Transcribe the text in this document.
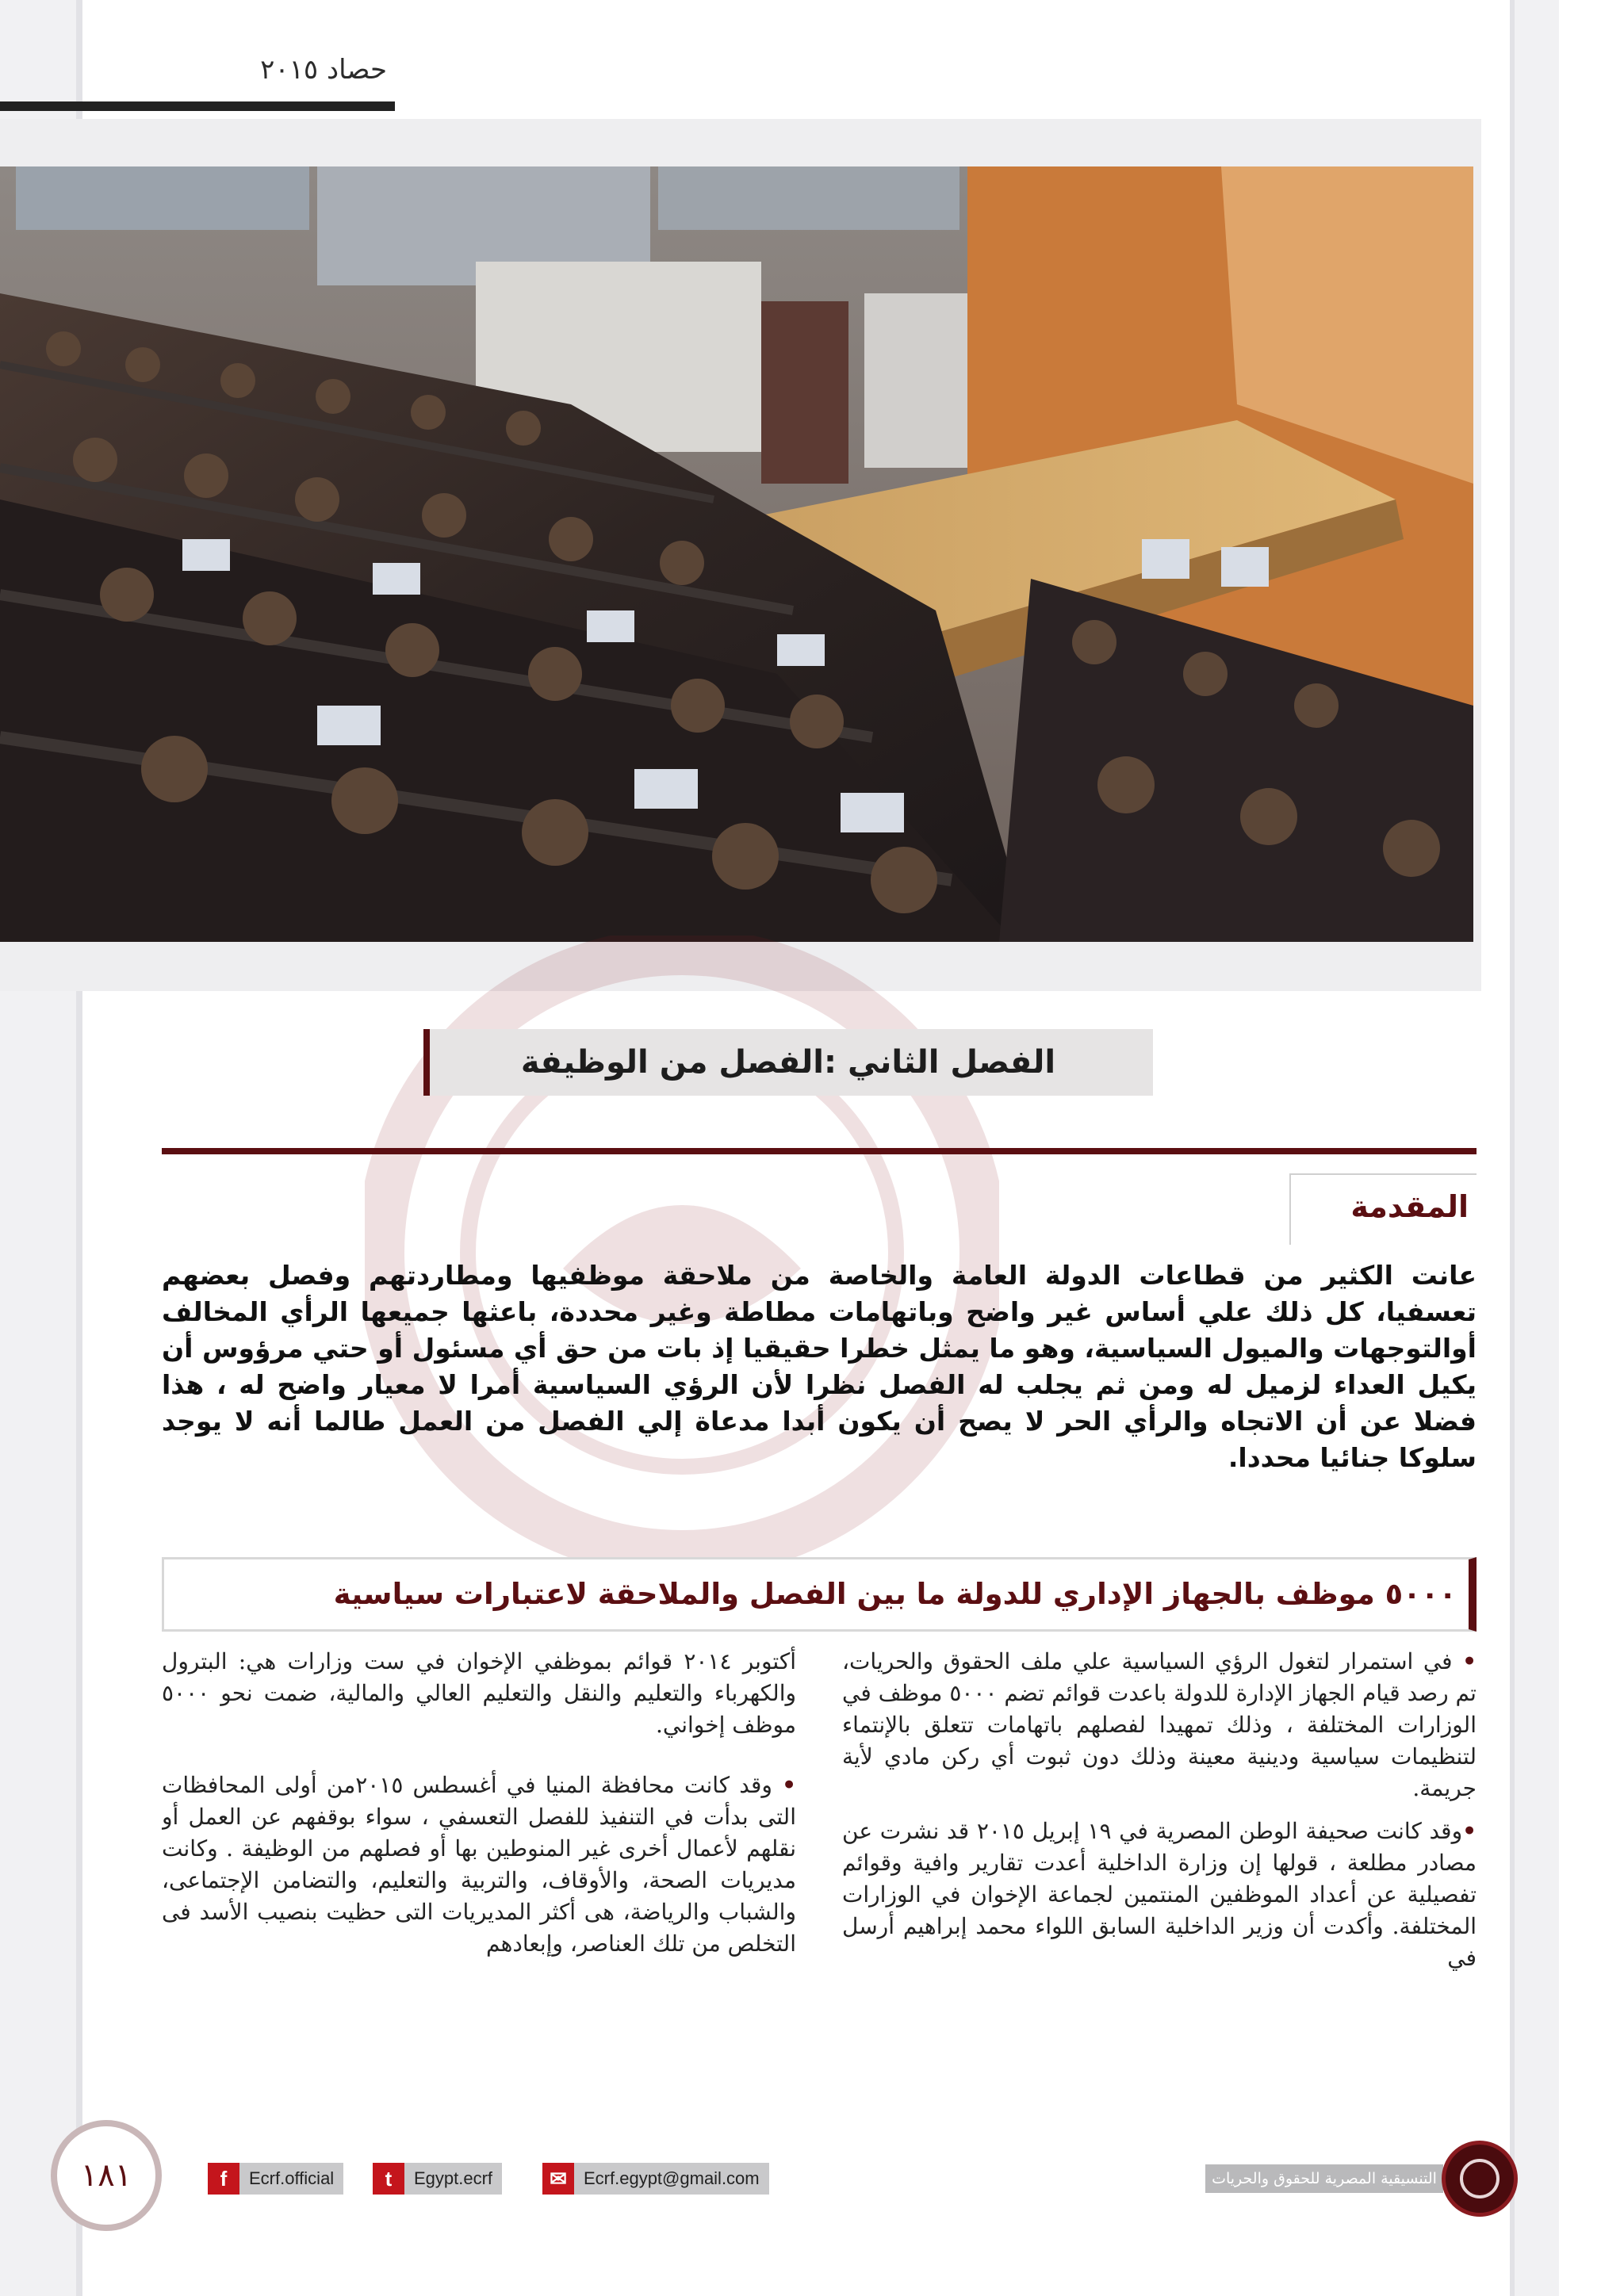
حصاد ٢٠١٥
الفصل الثاني :الفصل من الوظيفة
المقدمة
عانت الكثير من قطاعات الدولة العامة والخاصة من ملاحقة موظفيها ومطاردتهم وفصل بعضهم تعسفيا، كل ذلك علي أساس غير واضح وباتهامات مطاطة وغير محددة، باعثها جميعها الرأي المخالف أوالتوجهات والميول السياسية، وهو ما يمثل خطرا حقيقيا إذ بات من حق أي مسئول أو حتي مرؤوس أن يكيل العداء لزميل له ومن ثم يجلب له الفصل نظرا لأن الرؤي السياسية أمرا لا معيار واضح له ، هذا فضلا عن أن الاتجاه والرأي الحر لا يصح أن يكون أبدا مدعاة إلي الفصل من العمل طالما أنه لا يوجد سلوكا جنائيا محددا.
٥٠٠٠ موظف بالجهاز الإداري للدولة ما بين الفصل والملاحقة لاعتبارات سياسية

• في استمرار لتغول الرؤي السياسية علي ملف الحقوق والحريات، تم رصد قيام الجهاز الإدارة للدولة باعدت قوائم تضم ٥٠٠٠ موظف في الوزارات المختلفة ، وذلك تمهيدا لفصلهم باتهامات تتعلق بالإنتماء لتنظيمات سياسية ودينية معينة وذلك دون ثبوت أي ركن مادي لأية جريمة.

•وقد كانت صحيفة الوطن المصرية في ١٩ إبريل ٢٠١٥ قد نشرت عن مصادر مطلعة ، قولها إن وزارة الداخلية أعدت تقارير وافية وقوائم تفصيلية عن أعداد الموظفين المنتمين لجماعة الإخوان في الوزارات المختلفة. وأكدت أن وزير الداخلية السابق اللواء محمد إبراهيم أرسل في

أكتوبر ٢٠١٤ قوائم بموظفي الإخوان في ست وزارات هي: البترول والكهرباء والتعليم والنقل والتعليم العالي والمالية، ضمت نحو ٥٠٠٠ موظف إخواني.

• وقد كانت محافظة المنيا في أغسطس ٢٠١٥من أولى المحافظات التى بدأت في التنفيذ للفصل التعسفي ، سواء بوقفهم عن العمل أو نقلهم لأعمال أخرى غير المنوطين بها أو فصلهم من الوظيفة . وكانت مديريات الصحة، والأوقاف، والتربية والتعليم، والتضامن الإجتماعى، والشباب والرياضة، هى أكثر المديريات التى حظيت بنصيب الأسد فى التخلص من تلك العناصر، وإبعادهم

١٨١	f	Ecrf.official	t	Egypt.ecrf	✉ Ecrf.egypt@gmail.com	التنسيقية المصرية للحقوق والحريات
